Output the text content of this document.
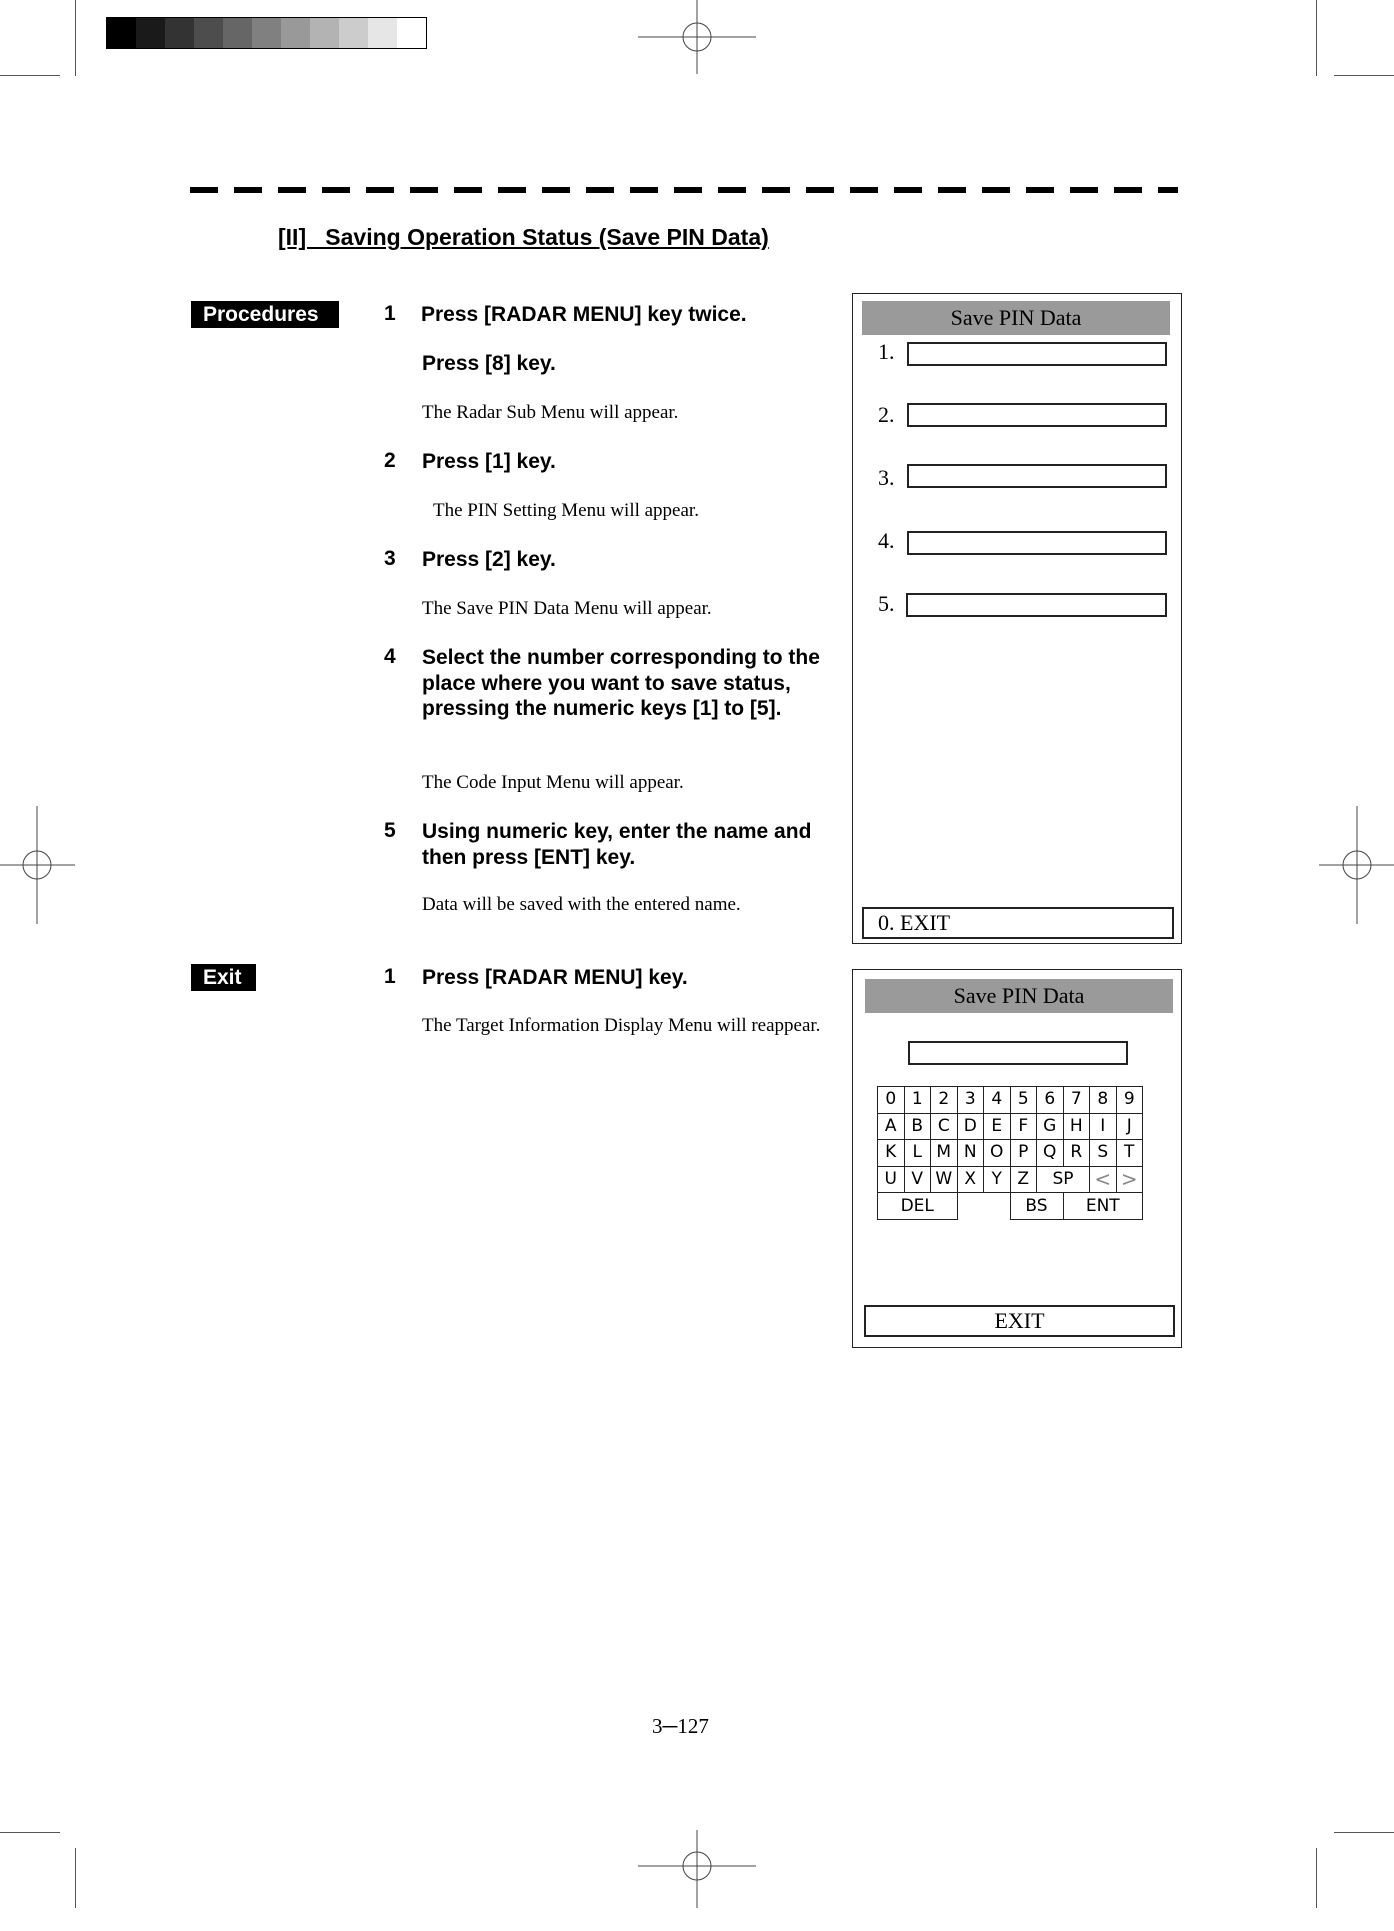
[II]   Saving Operation Status (Save PIN Data)
Procedures	1 Press [RADAR MENU] key twice.
Press [8] key.
The Radar Sub Menu will appear.
2 Press [1] key.
The PIN Setting Menu will appear.
3 Press [2] key.
The Save PIN Data Menu will appear.
4 Select the number corresponding to the place where you want to save status, pressing the numeric keys [1] to [5].
The Code Input Menu will appear.
5 Using numeric key, enter the name and then press [ENT] key.
Data will be saved with the entered name.
Exit	1 Press [RADAR MENU] key.
The Target Information Display Menu will reappear.
Save PIN Data
1.
2.
3.
4.
5.
0. EXIT
Save PIN Data
0	1	2	3	4	5	6	7	8	9
A	B	C	D	E	F	G	H	I	J
K	L	M	N	O	P	Q	R	S	T
U	V	W	X	Y	Z	SP		<	>
DEL					BS		ENT		
EXIT
3─127
